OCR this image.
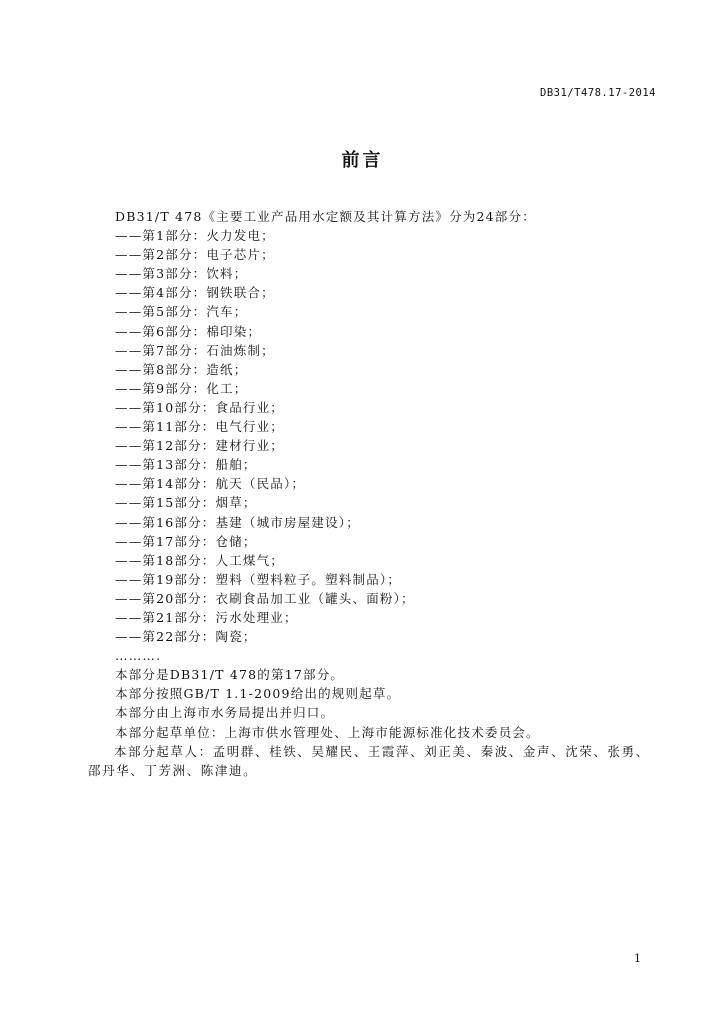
DB31/T478.17-2014
前言
DB31/T 478《主要工业产品用水定额及其计算方法》分为24部分：
——第1部分：火力发电；
——第2部分：电子芯片；
——第3部分：饮料；
——第4部分：钢铁联合；
——第5部分：汽车；
——第6部分：棉印染；
——第7部分：石油炼制；
——第8部分：造纸；
——第9部分：化工；
——第10部分：食品行业；
——第11部分：电气行业；
——第12部分：建材行业；
——第13部分：船舶；
——第14部分：航天（民品）；
——第15部分：烟草；
——第16部分：基建（城市房屋建设）；
——第17部分：仓储；
——第18部分：人工煤气；
——第19部分：塑料（塑料粒子。塑料制品）；
——第20部分：衣刷食品加工业（罐头、面粉）；
——第21部分：污水处理业；
——第22部分：陶瓷；
……….
本部分是DB31/T 478的第17部分。
本部分按照GB/T 1.1-2009给出的规则起草。
本部分由上海市水务局提出并归口。
本部分起草单位：上海市供水管理处、上海市能源标准化技术委员会。
本部分起草人：孟明群、桂铁、吴耀民、王霞萍、刘正美、秦波、金声、沈荣、张勇、邵丹华、丁芳洲、陈津迪。
1
